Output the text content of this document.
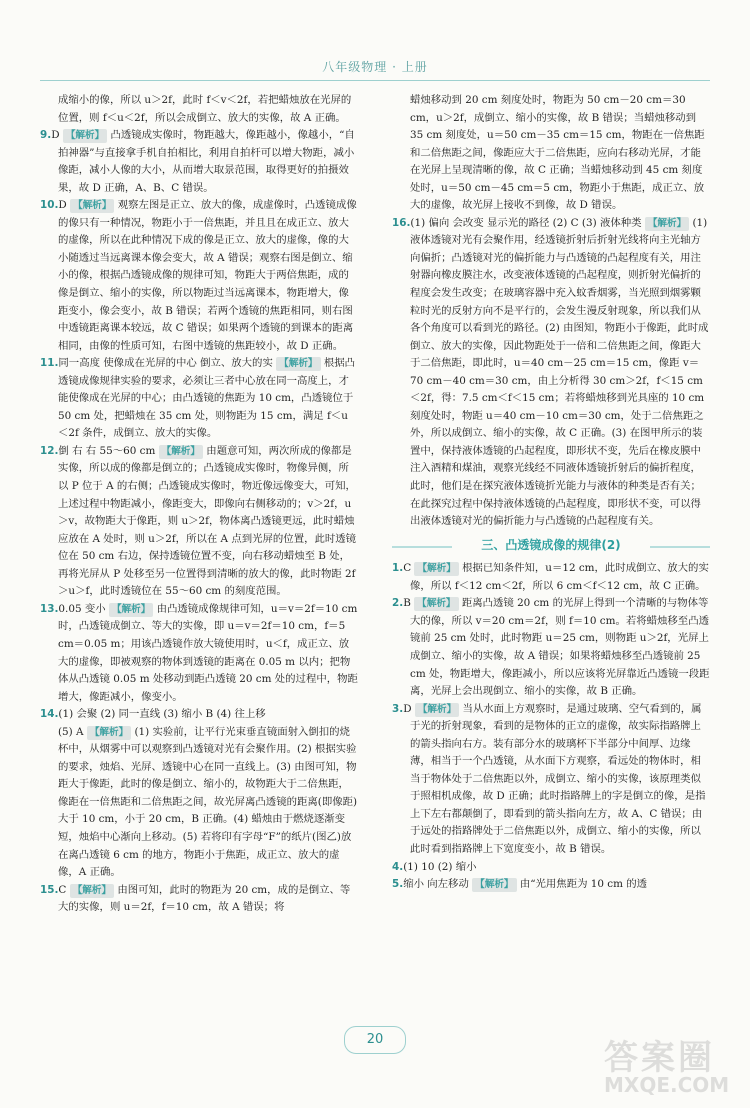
八年级物理 · 上册
成缩小的像，所以 u＞2f，此时 f＜v＜2f，若把蜡烛放在光屏的位置，则 f＜u＜2f，所以会成倒立、放大的实像，故 A 正确。
9.D 【解析】 凸透镜成实像时，物距越大，像距越小，像越小，“自拍神器”与直接拿手机自拍相比，利用自拍杆可以增大物距，减小像距，减小人像的大小，从而增大取景范围，取得更好的拍摄效果，故 D 正确，A、B、C 错误。
10.D 【解析】 观察左图是正立、放大的像，成虚像时，凸透镜成像的像只有一种情况，物距小于一倍焦距，并且且在成正立、放大的虚像，所以在此种情况下成的像是正立、放大的虚像，像的大小随透过当远离课本像会变大，故 A 错误；观察右图是倒立、缩小的像，根据凸透镜成像的规律可知，物距大于两倍焦距，成的像是倒立、缩小的实像，所以物距过当远离课本，物距增大，像距变小，像会变小，故 B 错误；若两个透镜的焦距相同，则右图中透镜距离课本较远，故 C 错误；如果两个透镜的到课本的距离相同，由像的性质可知，右图中透镜的焦距较小，故 D 正确。
11.同一高度 使像成在光屏的中心 倒立、放大的实 【解析】 根据凸透镜成像规律实验的要求，必须让三者中心放在同一高度上，才能使像成在光屏的中心；由凸透镜的焦距为 10 cm，凸透镜位于 50 cm 处，把蜡烛在 35 cm 处，则物距为 15 cm，满足 f＜u＜2f 条件，成倒立、放大的实像。
12.倒 右 右 55～60 cm 【解析】 由题意可知，两次所成的像都是实像，所以成的像都是倒立的；凸透镜成实像时，物像异侧，所以 P 位于 A 的右侧；凸透镜成实像时，物近像远像变大，可知，上述过程中物距减小，像距变大，即像向右侧移动的；v＞2f，u＞v，故物距大于像距，则 u＞2f，物体离凸透镜更远，此时蜡烛应放在 A 处时，则 u＞2f，所以在 A 点到光屏的位置，此时透镜位在 50 cm 右边，保持透镜位置不变，向右移动蜡烛至 B 处，再将光屏从 P 处移至另一位置得到清晰的放大的像，此时物距 2f＞u＞f，此时透镜位在 55～60 cm 的刻度范围。
13.0.05 变小 【解析】 由凸透镜成像规律可知，u＝v＝2f＝10 cm 时，凸透镜成倒立、等大的实像，即 u＝v＝2f＝10 cm，f＝5 cm＝0.05 m；用该凸透镜作放大镜使用时，u＜f，成正立、放大的虚像，即被观察的物体到透镜的距离在 0.05 m 以内；把物体从凸透镜 0.05 m 处移动到距凸透镜 20 cm 处的过程中，物距增大，像距减小，像变小。
14.(1) 会聚 (2) 同一直线 (3) 缩小 B (4) 往上移
(5) A 【解析】 (1) 实验前，让平行光束垂直镜面射入倒扣的烧杯中，从烟雾中可以观察到凸透镜对光有会聚作用。(2) 根据实验的要求，烛焰、光屏、透镜中心在同一直线上。(3) 由图可知，物距大于像距，此时的像是倒立、缩小的，故物距大于二倍焦距，像距在一倍焦距和二倍焦距之间，故光屏离凸透镜的距离(即像距)大于 10 cm，小于 20 cm，B 正确。(4) 蜡烛由于燃烧逐渐变短，烛焰中心渐向上移动。(5) 若将印有字母“F”的纸片(图乙)放在离凸透镜 6 cm 的地方，物距小于焦距，成正立、放大的虚像，A 正确。
15.C 【解析】 由图可知，此时的物距为 20 cm，成的是倒立、等大的实像，则 u＝2f，f＝10 cm，故 A 错误；将
蜡烛移动到 20 cm 刻度处时，物距为 50 cm－20 cm＝30 cm，u＞2f，成倒立、缩小的实像，故 B 错误；当蜡烛移动到 35 cm 刻度处，u＝50 cm－35 cm＝15 cm，物距在一倍焦距和二倍焦距之间，像距应大于二倍焦距，应向右移动光屏，才能在光屏上呈现清晰的像，故 C 正确；当蜡烛移动到 45 cm 刻度处时，u＝50 cm－45 cm＝5 cm，物距小于焦距，成正立、放大的虚像，故光屏上接收不到像，故 D 错误。
16.(1) 偏向 会改变 显示光的路径 (2) C (3) 液体种类 【解析】 (1) 液体透镜对光有会聚作用，经透镜折射后折射光线将向主光轴方向偏折；凸透镜对光的偏折能力与凸透镜的凸起程度有关，用注射器向橡皮膜注水，改变液体透镜的凸起程度，则折射光偏折的程度会发生改变；在玻璃容器中充入蚊香烟雾，当光照到烟雾颗粒时光的反射方向不是平行的，会发生漫反射现象，所以我们从各个角度可以看到光的路径。(2) 由图知，物距小于像距，此时成倒立、放大的实像，因此物距处于一倍和二倍焦距之间，像距大于二倍焦距，即此时，u＝40 cm－25 cm＝15 cm，像距 v＝70 cm－40 cm＝30 cm，由上分析得 30 cm＞2f，f＜15 cm＜2f，得：7.5 cm＜f＜15 cm；若将蜡烛移到光具座的 10 cm 刻度处时，物距 u＝40 cm－10 cm＝30 cm，处于二倍焦距之外，所以成倒立、缩小的实像，故 C 正确。(3) 在图甲所示的装置中，保持液体透镜的凸起程度，即形状不变，先后在橡皮膜中注入酒精和煤油，观察光线经不同液体透镜折射后的偏折程度，此时，他们是在探究液体透镜折光能力与液体的种类是否有关；在此探究过程中保持液体透镜的凸起程度，即形状不变，可以得出液体透镜对光的偏折能力与凸透镜的凸起程度有关。
三、凸透镜成像的规律(2)
1.C 【解析】 根据已知条件知，u＝12 cm，此时成倒立、放大的实像，所以 f＜12 cm＜2f，所以 6 cm＜f＜12 cm，故 C 正确。
2.B 【解析】 距离凸透镜 20 cm 的光屏上得到一个清晰的与物体等大的像，所以 v＝20 cm＝2f，则 f＝10 cm。若将蜡烛移至凸透镜前 25 cm 处时，此时物距 u＝25 cm，则物距 u＞2f，光屏上成倒立、缩小的实像，故 A 错误；如果将蜡烛移至凸透镜前 25 cm 处，物距增大，像距减小，所以应该将光屏靠近凸透镜一段距离，光屏上会出现倒立、缩小的实像，故 B 正确。
3.D 【解析】 当从水面上方观察时，是通过玻璃、空气看到的，属于光的折射现象，看到的是物体的正立的虚像，故实际指路牌上的箭头指向右方。装有部分水的玻璃杯下半部分中间厚、边缘薄，相当于一个凸透镜，从水面下方观察，看远处的物体时，相当于物体处于二倍焦距以外，成倒立、缩小的实像，该原理类似于照相机成像，故 D 正确；此时指路牌上的字是倒立的像，是指上下左右都颠倒了，即看到的箭头指向左方，故 A、C 错误；由于远处的指路牌处于二倍焦距以外，成倒立、缩小的实像，所以此时看到指路牌上下宽度变小，故 B 错误。
4.(1) 10 (2) 缩小
5.缩小 向左移动 【解析】 由“光用焦距为 10 cm 的透
20	答案圈
MXQE.COM
